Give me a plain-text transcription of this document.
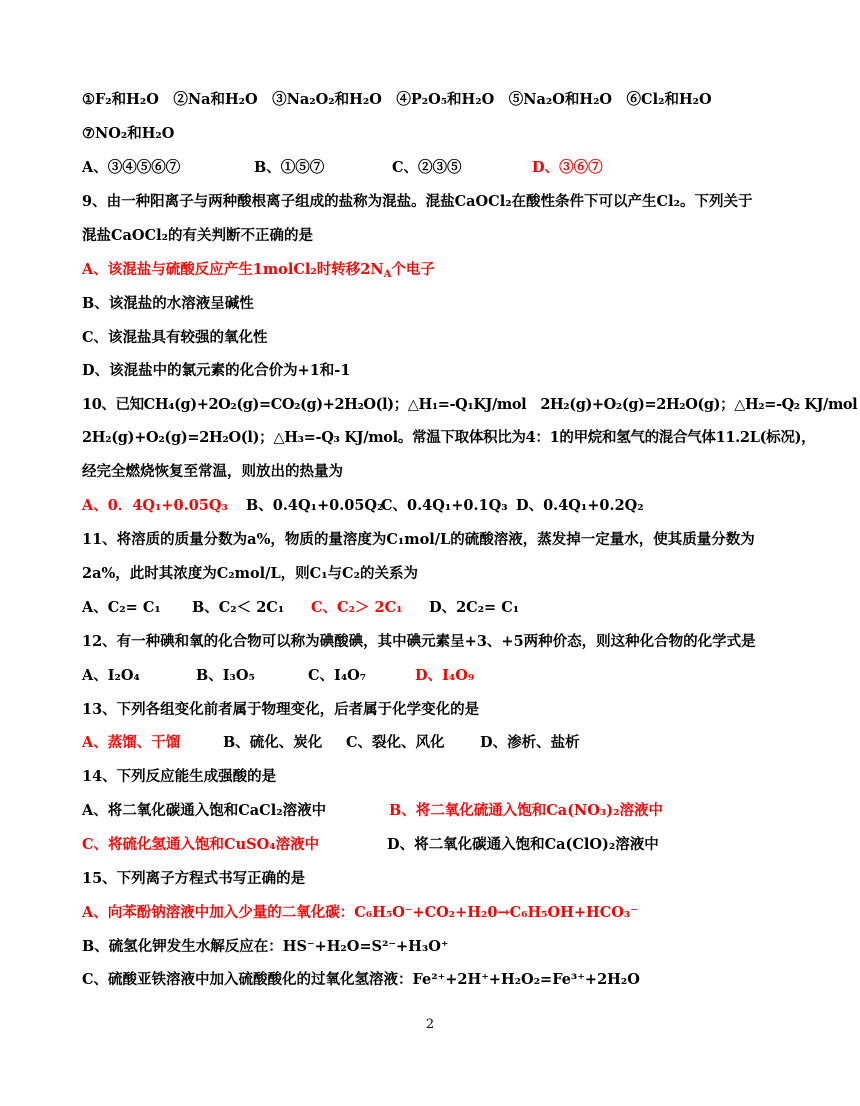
①F₂和H₂O　②Na和H₂O　③Na₂O₂和H₂O　④P₂O₅和H₂O　⑤Na₂O和H₂O　⑥Cl₂和H₂O
⑦NO₂和H₂O
A、③④⑤⑥⑦	B、①⑤⑦	C、②③⑤	D、③⑥⑦
9、由一种阳离子与两种酸根离子组成的盐称为混盐。混盐CaOCl₂在酸性条件下可以产生Cl₂。下列关于
混盐CaOCl₂的有关判断不正确的是
A、该混盐与硫酸反应产生1molCl₂时转移$2N_A$个电子
B、该混盐的水溶液呈碱性
C、该混盐具有较强的氧化性
D、该混盐中的氯元素的化合价为+1和-1
10、已知CH₄(g)+2O₂(g)=CO₂(g)+2H₂O(l)；△H₁=-Q₁KJ/mol　2H₂(g)+O₂(g)=2H₂O(g)；△H₂=-Q₂ KJ/mol
2H₂(g)+O₂(g)=2H₂O(l)；△H₃=-Q₃ KJ/mol。常温下取体积比为4：1的甲烷和氢气的混合气体11.2L(标况)，
经完全燃烧恢复至常温，则放出的热量为
A、0．4Q₁+0.05Q₃ B、0.4Q₁+0.05Q₂
C、0.4Q₁+0.1Q₃ D、0.4Q₁+0.2Q₂
11、将溶质的质量分数为a%，物质的量溶度为C₁mol/L的硫酸溶液，蒸发掉一定量水，使其质量分数为
2a%，此时其浓度为C₂mol/L，则C₁与C₂的关系为
A、C₂= C₁ B、C₂＜ 2C₁ C、C₂＞ 2C₁ D、2C₂= C₁
12、有一种碘和氧的化合物可以称为碘酸碘，其中碘元素呈+3、+5两种价态，则这种化合物的化学式是
A、I₂O₄	B、I₃O₅	C、I₄O₇	D、I₄O₉
13、下列各组变化前者属于物理变化，后者属于化学变化的是
A、蒸馏、干馏	B、硫化、炭化 C、裂化、风化 D、渗析、盐析
14、下列反应能生成强酸的是
A、将二氧化碳通入饱和CaCl₂溶液中	B、将二氧化硫通入饱和Ca(NO₃)₂溶液中
C、将硫化氢通入饱和CuSO₄溶液中	D、将二氧化碳通入饱和Ca(ClO)₂溶液中
15、下列离子方程式书写正确的是
A、向苯酚钠溶液中加入少量的二氧化碳：C₆H₅O⁻+CO₂+H₂0→C₆H₅OH+HCO₃⁻
B、硫氢化钾发生水解反应在：HS⁻+H₂O=S²⁻+H₃O⁺
C、硫酸亚铁溶液中加入硫酸酸化的过氧化氢溶液：Fe²⁺+2H⁺+H₂O₂=Fe³⁺+2H₂O
2
